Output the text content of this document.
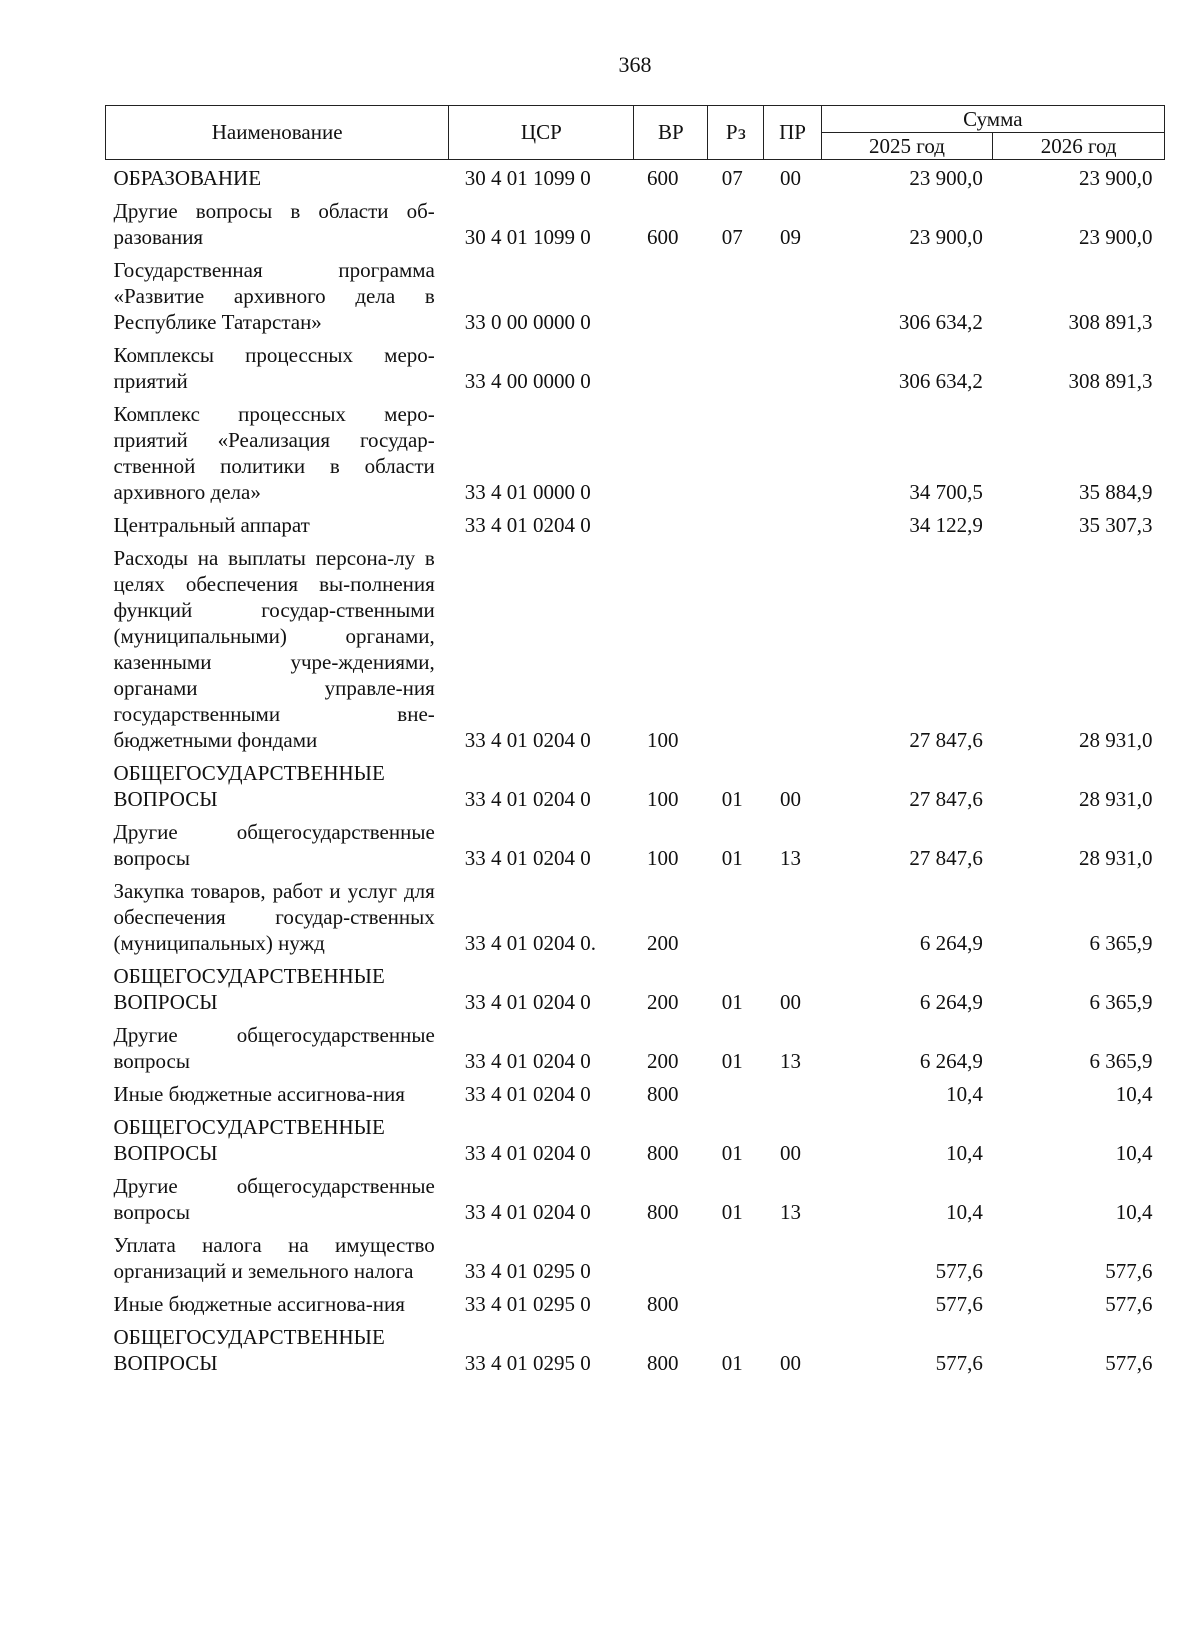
368
Наименование	ЦСР	ВР	Рз	ПР	Сумма	
					2025 год	2026 год
ОБРАЗОВАНИЕ	30 4 01 1099 0	600	07	00	23 900,0	23 900,0
Другие вопросы в области об-разования	30 4 01 1099 0	600	07	09	23 900,0	23 900,0
Государственная программа «Развитие архивного дела в Республике Татарстан»	33 0 00 0000 0				306 634,2	308 891,3
Комплексы процессных меро-приятий	33 4 00 0000 0				306 634,2	308 891,3
Комплекс процессных меро-приятий «Реализация государ-ственной политики в области архивного дела»	33 4 01 0000 0				34 700,5	35 884,9
Центральный аппарат	33 4 01 0204 0				34 122,9	35 307,3
Расходы на выплаты персона-лу в целях обеспечения вы-полнения функций государ-ственными (муниципальными) органами, казенными учре-ждениями, органами управле-ния государственными вне-бюджетными фондами	33 4 01 0204 0	100			27 847,6	28 931,0
ОБЩЕГОСУДАРСТВЕННЫЕ ВОПРОСЫ	33 4 01 0204 0	100	01	00	27 847,6	28 931,0
Другие общегосударственные вопросы	33 4 01 0204 0	100	01	13	27 847,6	28 931,0
Закупка товаров, работ и услуг для обеспечения государ-ственных (муниципальных) нужд	33 4 01 0204 0.	200			6 264,9	6 365,9
ОБЩЕГОСУДАРСТВЕННЫЕ ВОПРОСЫ	33 4 01 0204 0	200	01	00	6 264,9	6 365,9
Другие общегосударственные вопросы	33 4 01 0204 0	200	01	13	6 264,9	6 365,9
Иные бюджетные ассигнова-ния	33 4 01 0204 0	800			10,4	10,4
ОБЩЕГОСУДАРСТВЕННЫЕ ВОПРОСЫ	33 4 01 0204 0	800	01	00	10,4	10,4
Другие общегосударственные вопросы	33 4 01 0204 0	800	01	13	10,4	10,4
Уплата налога на имущество организаций и земельного налога	33 4 01 0295 0				577,6	577,6
Иные бюджетные ассигнова-ния	33 4 01 0295 0	800			577,6	577,6
ОБЩЕГОСУДАРСТВЕННЫЕ ВОПРОСЫ	33 4 01 0295 0	800	01	00	577,6	577,6
